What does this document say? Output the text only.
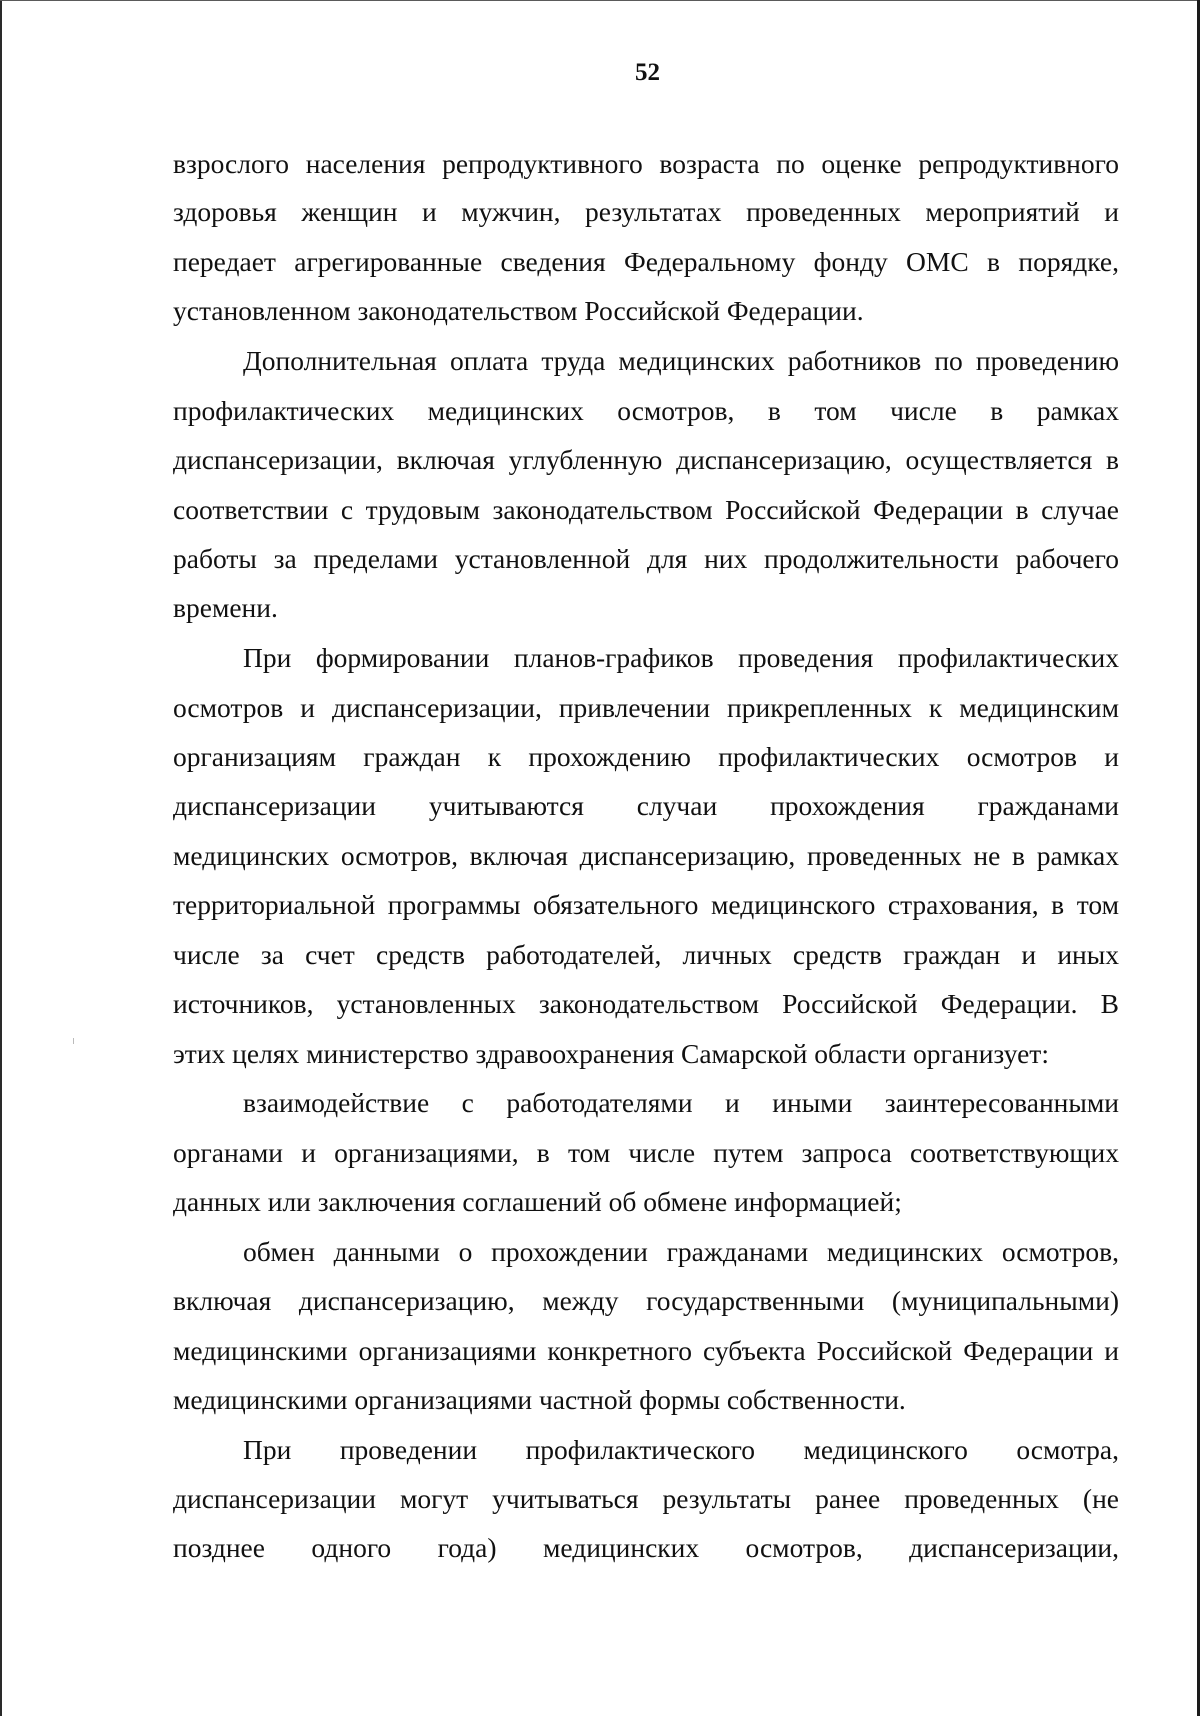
52
взрослого населения репродуктивного возраста по оценке репродуктивного
здоровья женщин и мужчин, результатах проведенных мероприятий и
передает агрегированные сведения Федеральному фонду ОМС в порядке,
установленном законодательством Российской Федерации.
Дополнительная оплата труда медицинских работников по проведению
профилактических медицинских осмотров, в том числе в рамках
диспансеризации, включая углубленную диспансеризацию, осуществляется в
соответствии с трудовым законодательством Российской Федерации в случае
работы за пределами установленной для них продолжительности рабочего
времени.
При формировании планов-графиков проведения профилактических
осмотров и диспансеризации, привлечении прикрепленных к медицинским
организациям граждан к прохождению профилактических осмотров и
диспансеризации учитываются случаи прохождения гражданами
медицинских осмотров, включая диспансеризацию, проведенных не в рамках
территориальной программы обязательного медицинского страхования, в том
числе за счет средств работодателей, личных средств граждан и иных
источников, установленных законодательством Российской Федерации. В
этих целях министерство здравоохранения Самарской области организует:
взаимодействие с работодателями и иными заинтересованными
органами и организациями, в том числе путем запроса соответствующих
данных или заключения соглашений об обмене информацией;
обмен данными о прохождении гражданами медицинских осмотров,
включая диспансеризацию, между государственными (муниципальными)
медицинскими организациями конкретного субъекта Российской Федерации и
медицинскими организациями частной формы собственности.
При проведении профилактического медицинского осмотра,
диспансеризации могут учитываться результаты ранее проведенных (не
позднее одного года) медицинских осмотров, диспансеризации,
